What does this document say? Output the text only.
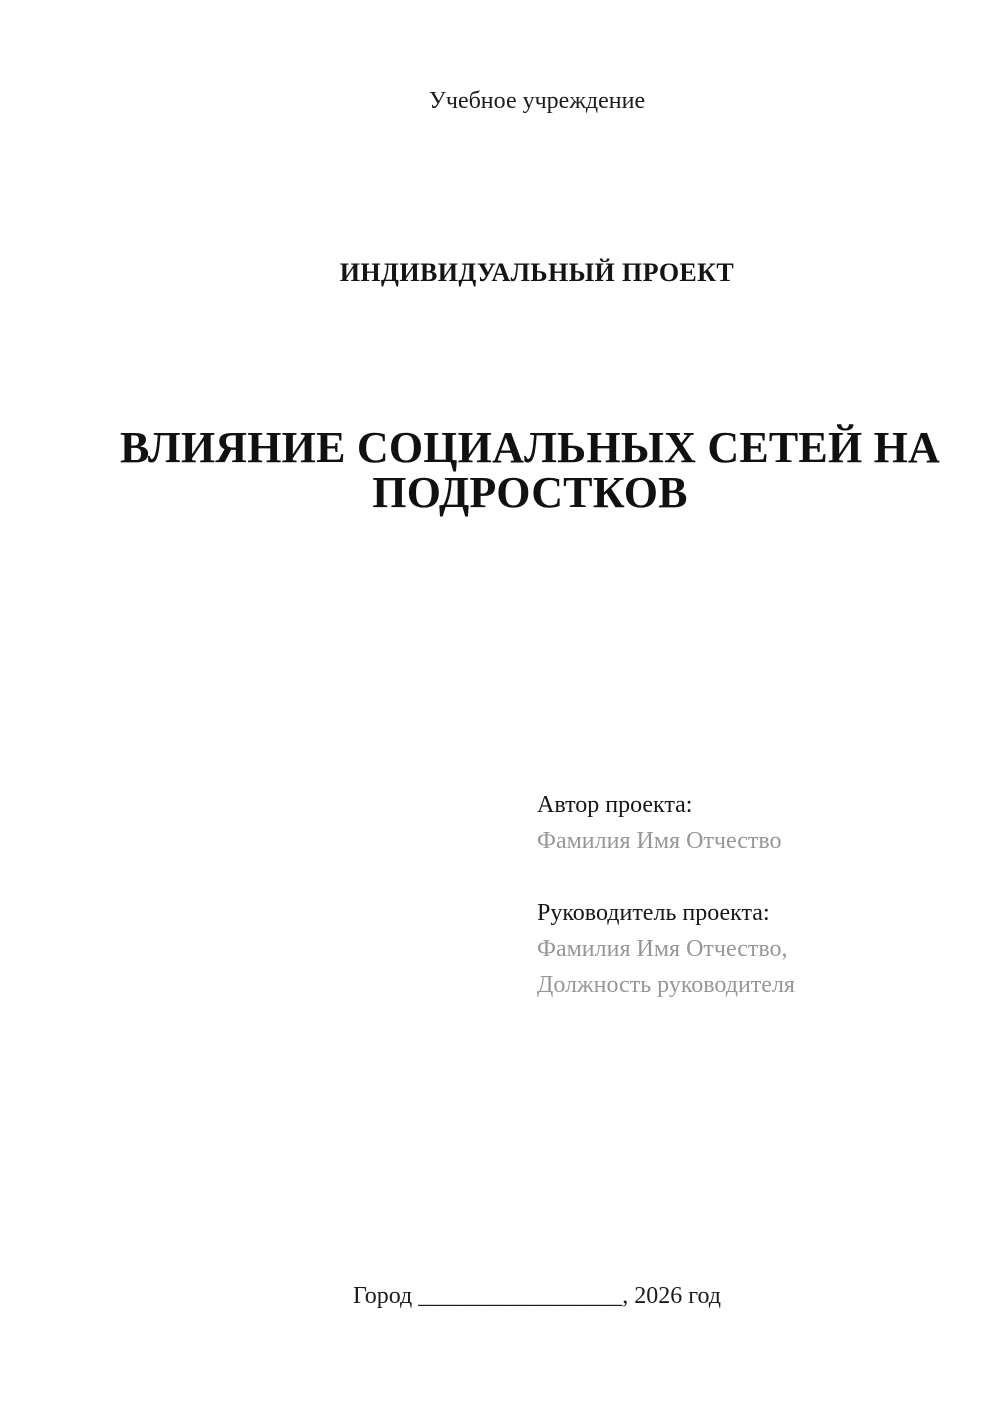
Учебное учреждение
ИНДИВИДУАЛЬНЫЙ ПРОЕКТ
ВЛИЯНИЕ СОЦИАЛЬНЫХ СЕТЕЙ НА ПОДРОСТКОВ
Автор проекта:
Фамилия Имя Отчество
Руководитель проекта:
Фамилия Имя Отчество,
Должность руководителя
Город _________________, 2026 год
